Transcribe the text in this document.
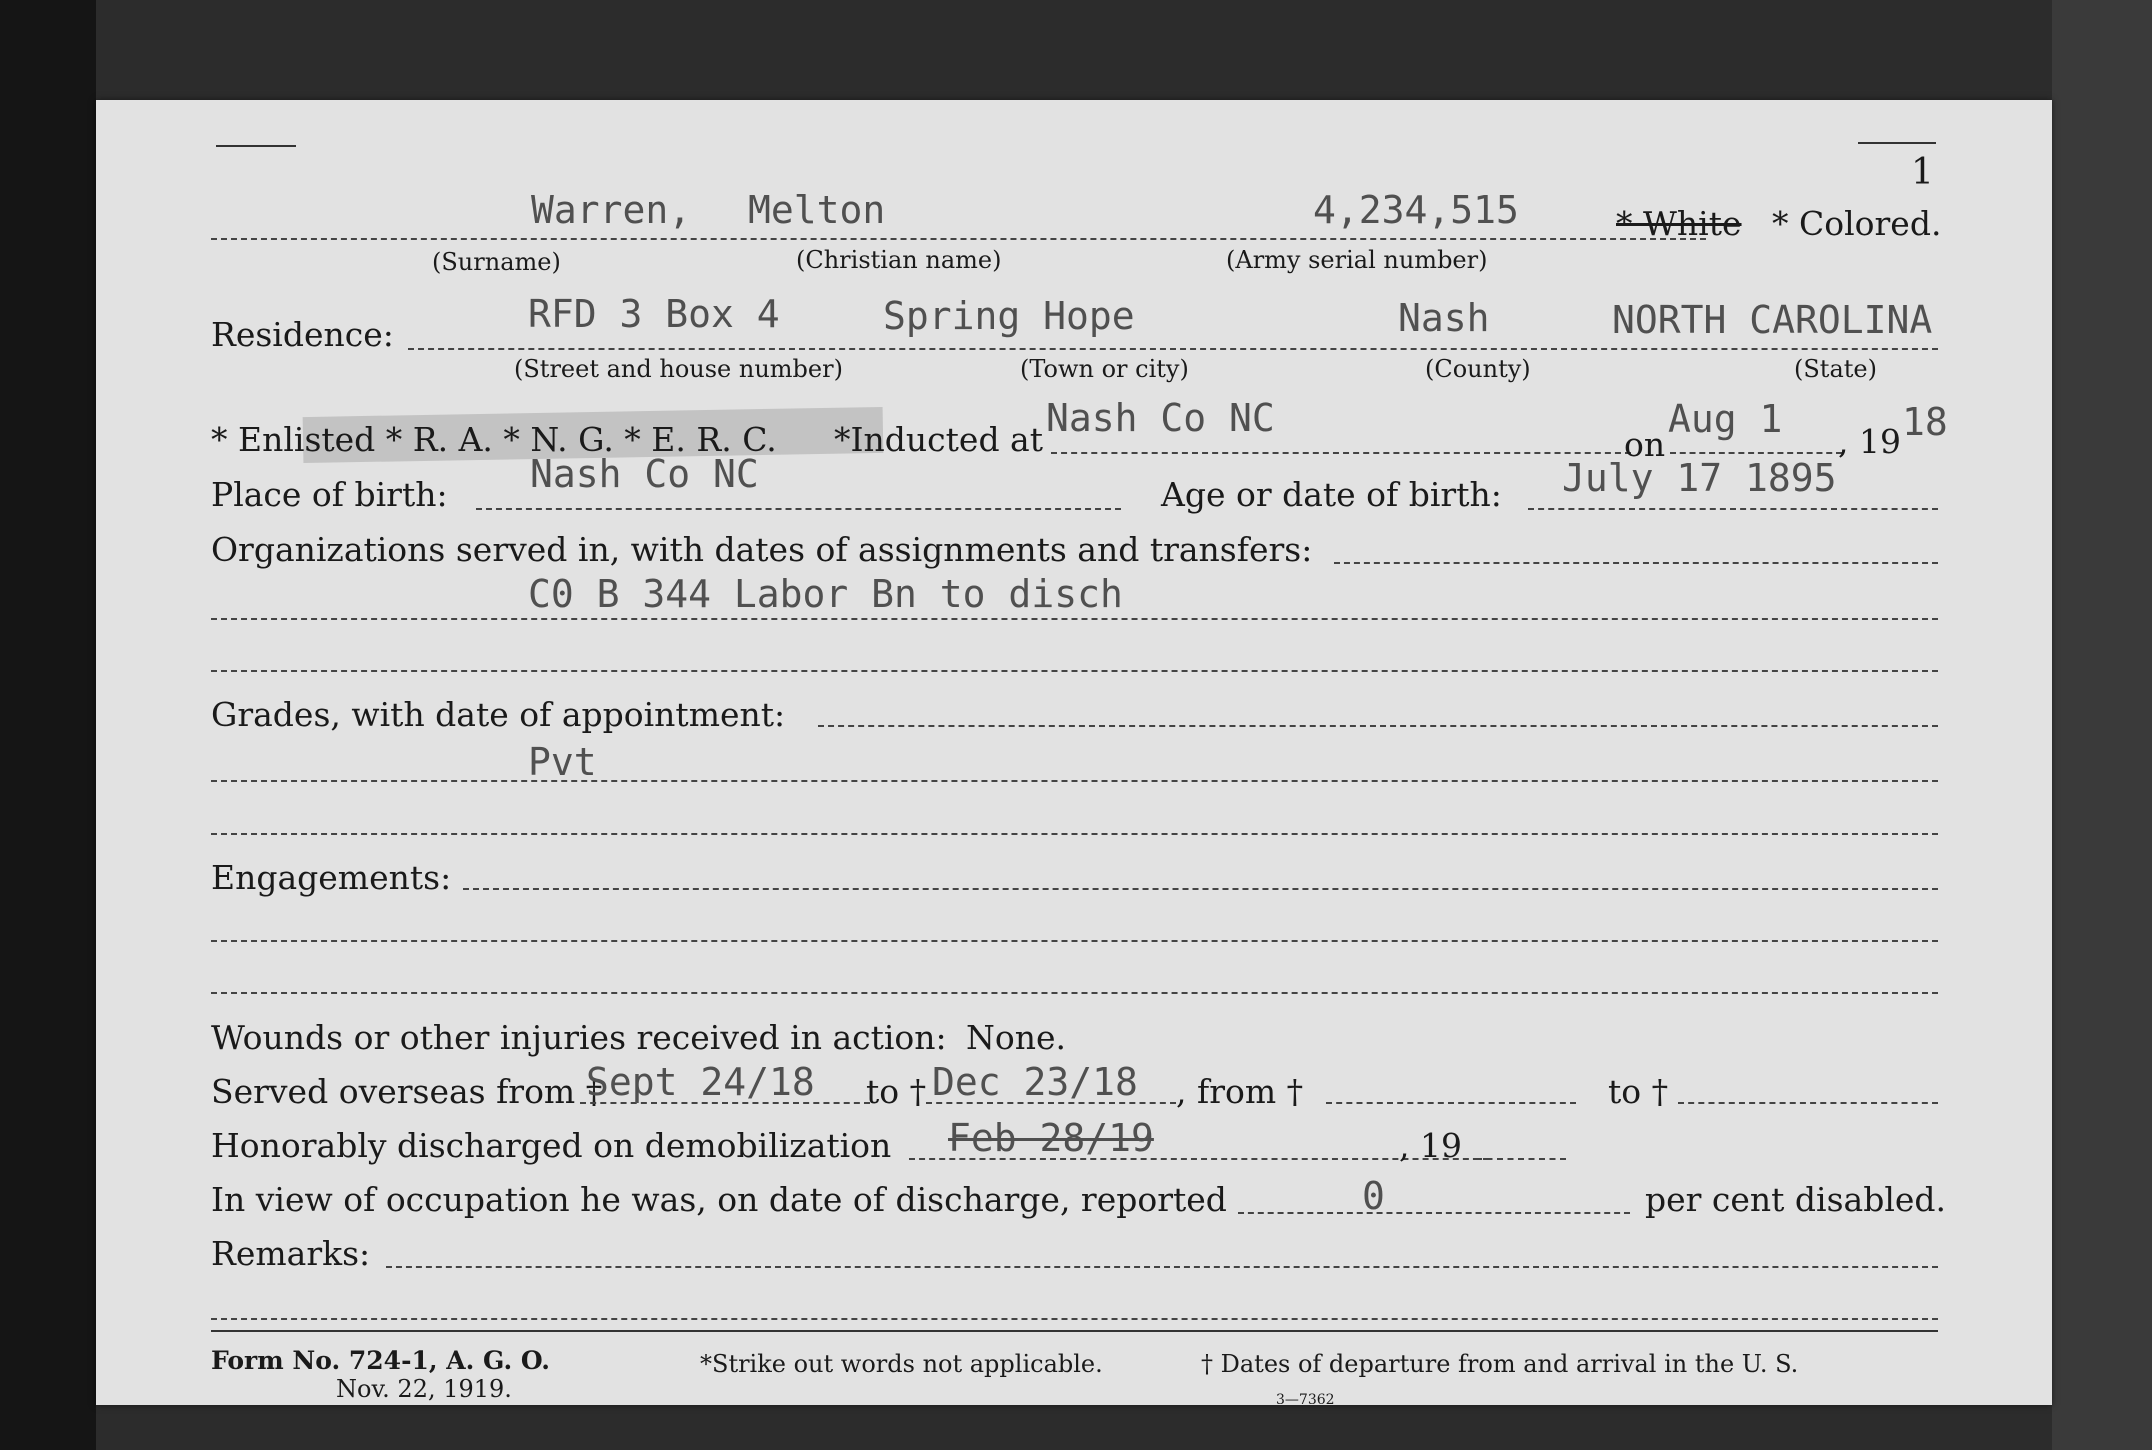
1
Warren, Melton	4,234,515	* White * Colored.
(Surname)	(Christian name)	(Army serial number)
Residence:	RFD 3 Box 4	Spring Hope	Nash	NORTH CAROLINA
(Street and house number)	(Town or city)	(County)	(State)
* Enlisted * R. A. * N. G. * E. R. C. *Inducted at Nash Co NC
on
Aug 1
, 19 18
Place of birth: Nash Co NC	Age or date of birth: July 17 1895
Organizations served in, with dates of assignments and transfers:
C0 B 344 Labor Bn to disch
Grades, with date of appointment:
Pvt
Engagements:
Wounds or other injuries received in action: None.
Served overseas from †
Sept 24/18 to † Dec 23/18 , from †	to †
Honorably discharged on demobilization Feb 28/19	, 19
In view of occupation he was, on date of discharge, reported	0	per cent disabled.
Remarks:
Form No. 724-1, A. G. O.
Nov. 22, 1919.
*Strike out words not applicable.	† Dates of departure from and arrival in the U. S.
3—7362
